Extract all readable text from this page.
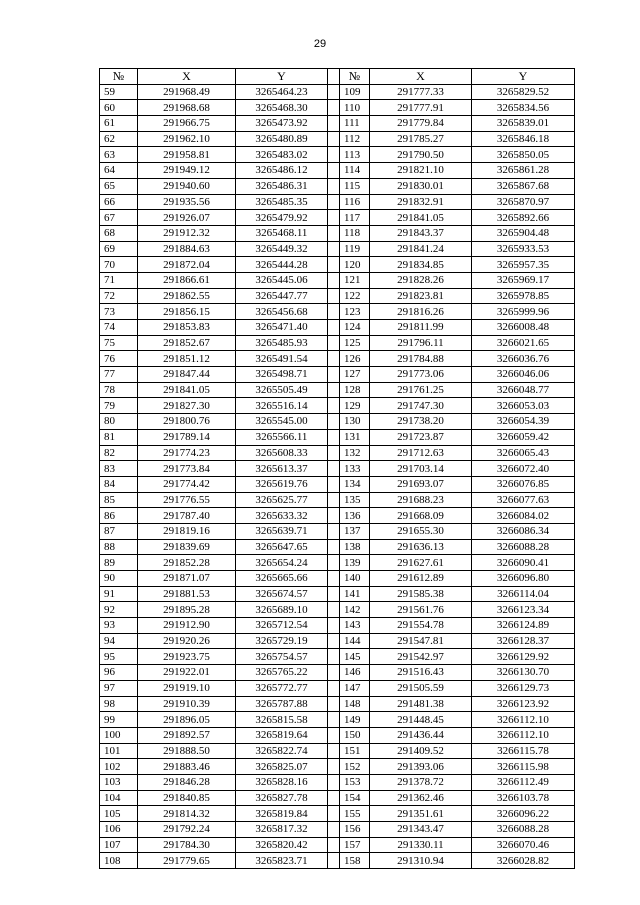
29
№	X	Y		№	X	Y
59	291968.49	3265464.23		109	291777.33	3265829.52
60	291968.68	3265468.30		110	291777.91	3265834.56
61	291966.75	3265473.92		111	291779.84	3265839.01
62	291962.10	3265480.89		112	291785.27	3265846.18
63	291958.81	3265483.02		113	291790.50	3265850.05
64	291949.12	3265486.12		114	291821.10	3265861.28
65	291940.60	3265486.31		115	291830.01	3265867.68
66	291935.56	3265485.35		116	291832.91	3265870.97
67	291926.07	3265479.92		117	291841.05	3265892.66
68	291912.32	3265468.11		118	291843.37	3265904.48
69	291884.63	3265449.32		119	291841.24	3265933.53
70	291872.04	3265444.28		120	291834.85	3265957.35
71	291866.61	3265445.06		121	291828.26	3265969.17
72	291862.55	3265447.77		122	291823.81	3265978.85
73	291856.15	3265456.68		123	291816.26	3265999.96
74	291853.83	3265471.40		124	291811.99	3266008.48
75	291852.67	3265485.93		125	291796.11	3266021.65
76	291851.12	3265491.54		126	291784.88	3266036.76
77	291847.44	3265498.71		127	291773.06	3266046.06
78	291841.05	3265505.49		128	291761.25	3266048.77
79	291827.30	3265516.14		129	291747.30	3266053.03
80	291800.76	3265545.00		130	291738.20	3266054.39
81	291789.14	3265566.11		131	291723.87	3266059.42
82	291774.23	3265608.33		132	291712.63	3266065.43
83	291773.84	3265613.37		133	291703.14	3266072.40
84	291774.42	3265619.76		134	291693.07	3266076.85
85	291776.55	3265625.77		135	291688.23	3266077.63
86	291787.40	3265633.32		136	291668.09	3266084.02
87	291819.16	3265639.71		137	291655.30	3266086.34
88	291839.69	3265647.65		138	291636.13	3266088.28
89	291852.28	3265654.24		139	291627.61	3266090.41
90	291871.07	3265665.66		140	291612.89	3266096.80
91	291881.53	3265674.57		141	291585.38	3266114.04
92	291895.28	3265689.10		142	291561.76	3266123.34
93	291912.90	3265712.54		143	291554.78	3266124.89
94	291920.26	3265729.19		144	291547.81	3266128.37
95	291923.75	3265754.57		145	291542.97	3266129.92
96	291922.01	3265765.22		146	291516.43	3266130.70
97	291919.10	3265772.77		147	291505.59	3266129.73
98	291910.39	3265787.88		148	291481.38	3266123.92
99	291896.05	3265815.58		149	291448.45	3266112.10
100	291892.57	3265819.64		150	291436.44	3266112.10
101	291888.50	3265822.74		151	291409.52	3266115.78
102	291883.46	3265825.07		152	291393.06	3266115.98
103	291846.28	3265828.16		153	291378.72	3266112.49
104	291840.85	3265827.78		154	291362.46	3266103.78
105	291814.32	3265819.84		155	291351.61	3266096.22
106	291792.24	3265817.32		156	291343.47	3266088.28
107	291784.30	3265820.42		157	291330.11	3266070.46
108	291779.65	3265823.71		158	291310.94	3266028.82
